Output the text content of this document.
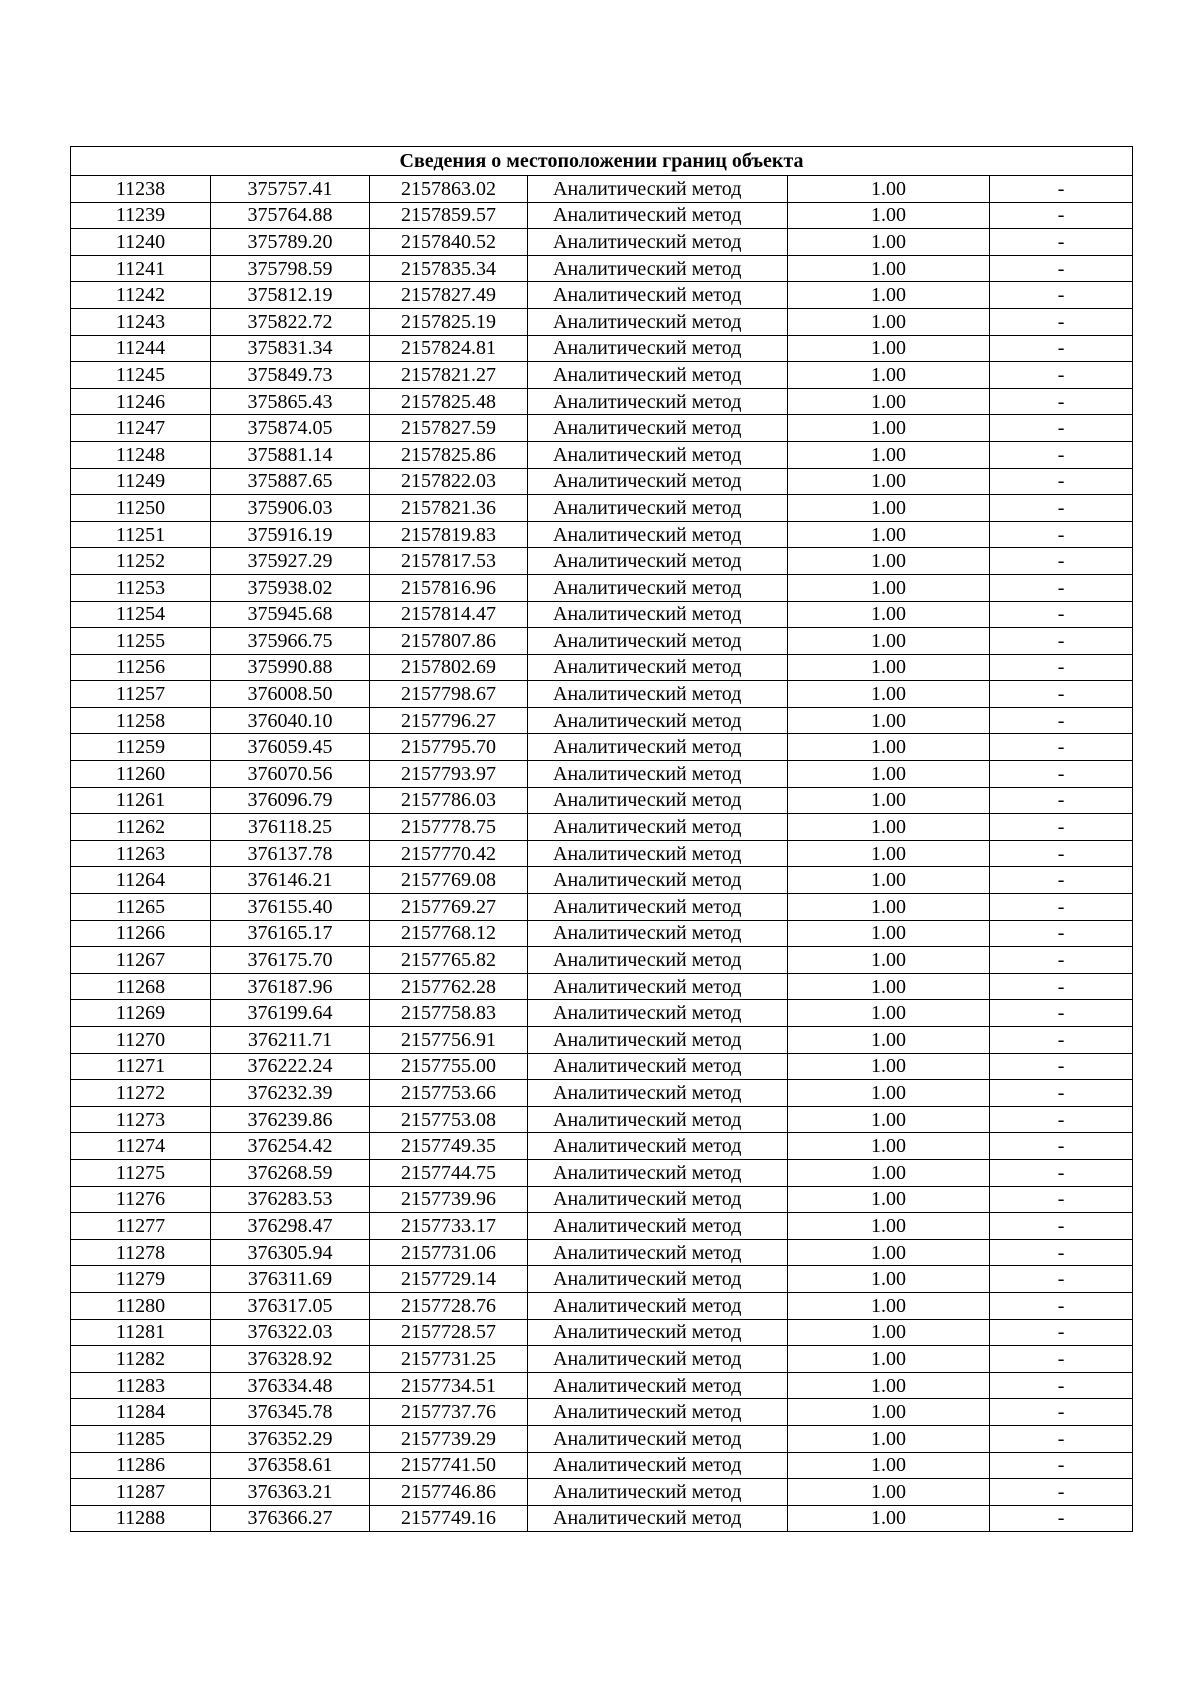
Сведения о местоположении границ объекта					
11238	375757.41	2157863.02	Аналитический метод	1.00	-
11239	375764.88	2157859.57	Аналитический метод	1.00	-
11240	375789.20	2157840.52	Аналитический метод	1.00	-
11241	375798.59	2157835.34	Аналитический метод	1.00	-
11242	375812.19	2157827.49	Аналитический метод	1.00	-
11243	375822.72	2157825.19	Аналитический метод	1.00	-
11244	375831.34	2157824.81	Аналитический метод	1.00	-
11245	375849.73	2157821.27	Аналитический метод	1.00	-
11246	375865.43	2157825.48	Аналитический метод	1.00	-
11247	375874.05	2157827.59	Аналитический метод	1.00	-
11248	375881.14	2157825.86	Аналитический метод	1.00	-
11249	375887.65	2157822.03	Аналитический метод	1.00	-
11250	375906.03	2157821.36	Аналитический метод	1.00	-
11251	375916.19	2157819.83	Аналитический метод	1.00	-
11252	375927.29	2157817.53	Аналитический метод	1.00	-
11253	375938.02	2157816.96	Аналитический метод	1.00	-
11254	375945.68	2157814.47	Аналитический метод	1.00	-
11255	375966.75	2157807.86	Аналитический метод	1.00	-
11256	375990.88	2157802.69	Аналитический метод	1.00	-
11257	376008.50	2157798.67	Аналитический метод	1.00	-
11258	376040.10	2157796.27	Аналитический метод	1.00	-
11259	376059.45	2157795.70	Аналитический метод	1.00	-
11260	376070.56	2157793.97	Аналитический метод	1.00	-
11261	376096.79	2157786.03	Аналитический метод	1.00	-
11262	376118.25	2157778.75	Аналитический метод	1.00	-
11263	376137.78	2157770.42	Аналитический метод	1.00	-
11264	376146.21	2157769.08	Аналитический метод	1.00	-
11265	376155.40	2157769.27	Аналитический метод	1.00	-
11266	376165.17	2157768.12	Аналитический метод	1.00	-
11267	376175.70	2157765.82	Аналитический метод	1.00	-
11268	376187.96	2157762.28	Аналитический метод	1.00	-
11269	376199.64	2157758.83	Аналитический метод	1.00	-
11270	376211.71	2157756.91	Аналитический метод	1.00	-
11271	376222.24	2157755.00	Аналитический метод	1.00	-
11272	376232.39	2157753.66	Аналитический метод	1.00	-
11273	376239.86	2157753.08	Аналитический метод	1.00	-
11274	376254.42	2157749.35	Аналитический метод	1.00	-
11275	376268.59	2157744.75	Аналитический метод	1.00	-
11276	376283.53	2157739.96	Аналитический метод	1.00	-
11277	376298.47	2157733.17	Аналитический метод	1.00	-
11278	376305.94	2157731.06	Аналитический метод	1.00	-
11279	376311.69	2157729.14	Аналитический метод	1.00	-
11280	376317.05	2157728.76	Аналитический метод	1.00	-
11281	376322.03	2157728.57	Аналитический метод	1.00	-
11282	376328.92	2157731.25	Аналитический метод	1.00	-
11283	376334.48	2157734.51	Аналитический метод	1.00	-
11284	376345.78	2157737.76	Аналитический метод	1.00	-
11285	376352.29	2157739.29	Аналитический метод	1.00	-
11286	376358.61	2157741.50	Аналитический метод	1.00	-
11287	376363.21	2157746.86	Аналитический метод	1.00	-
11288	376366.27	2157749.16	Аналитический метод	1.00	-
